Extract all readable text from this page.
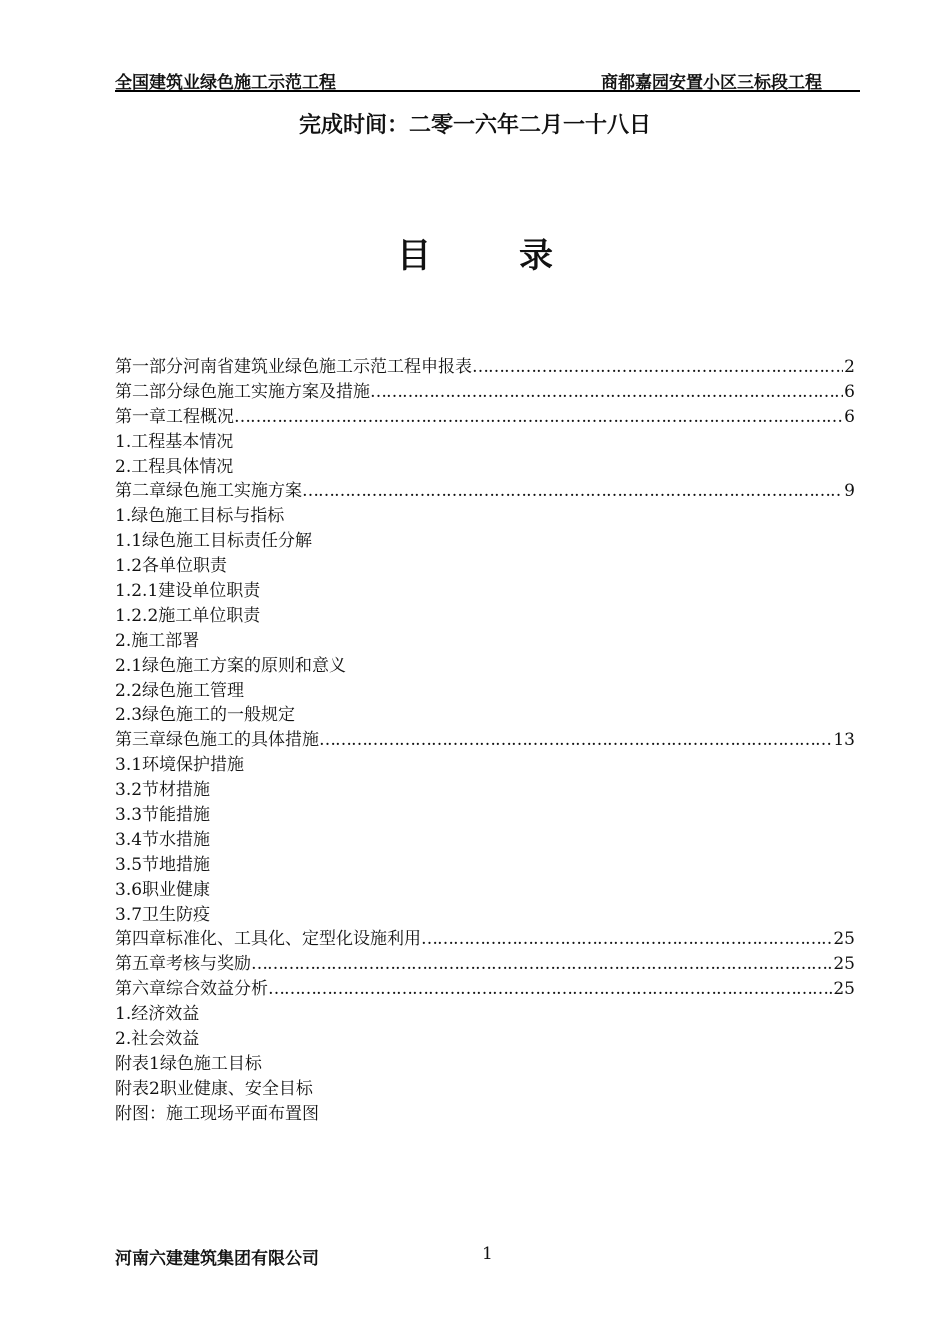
全国建筑业绿色施工示范工程	商都嘉园安置小区三标段工程
完成时间：二零一六年二月一十八日
目	录
第一部分河南省建筑业绿色施工示范工程申报表 …………………………………………………………………………………………………………………………………………………………………………	2
第二部分绿色施工实施方案及措施 …………………………………………………………………………………………………………………………………………………………………………	6
第一章工程概况 …………………………………………………………………………………………………………………………………………………………………………	6
1.工程基本情况
2.工程具体情况
第二章绿色施工实施方案 …………………………………………………………………………………………………………………………………………………………………………	9
1.绿色施工目标与指标
1.1绿色施工目标责任分解
1.2各单位职责
1.2.1建设单位职责
1.2.2施工单位职责
2.施工部署
2.1绿色施工方案的原则和意义
2.2绿色施工管理
2.3绿色施工的一般规定
第三章绿色施工的具体措施 …………………………………………………………………………………………………………………………………………………………………………	13
3.1环境保护措施
3.2节材措施
3.3节能措施
3.4节水措施
3.5节地措施
3.6职业健康
3.7卫生防疫
第四章标准化、工具化、定型化设施利用 …………………………………………………………………………………………………………………………………………………………………………	25
第五章考核与奖励 …………………………………………………………………………………………………………………………………………………………………………	25
第六章综合效益分析 …………………………………………………………………………………………………………………………………………………………………………	25
1.经济效益
2.社会效益
附表1绿色施工目标
附表2职业健康、安全目标
附图：施工现场平面布置图
河南六建建筑集团有限公司	1
